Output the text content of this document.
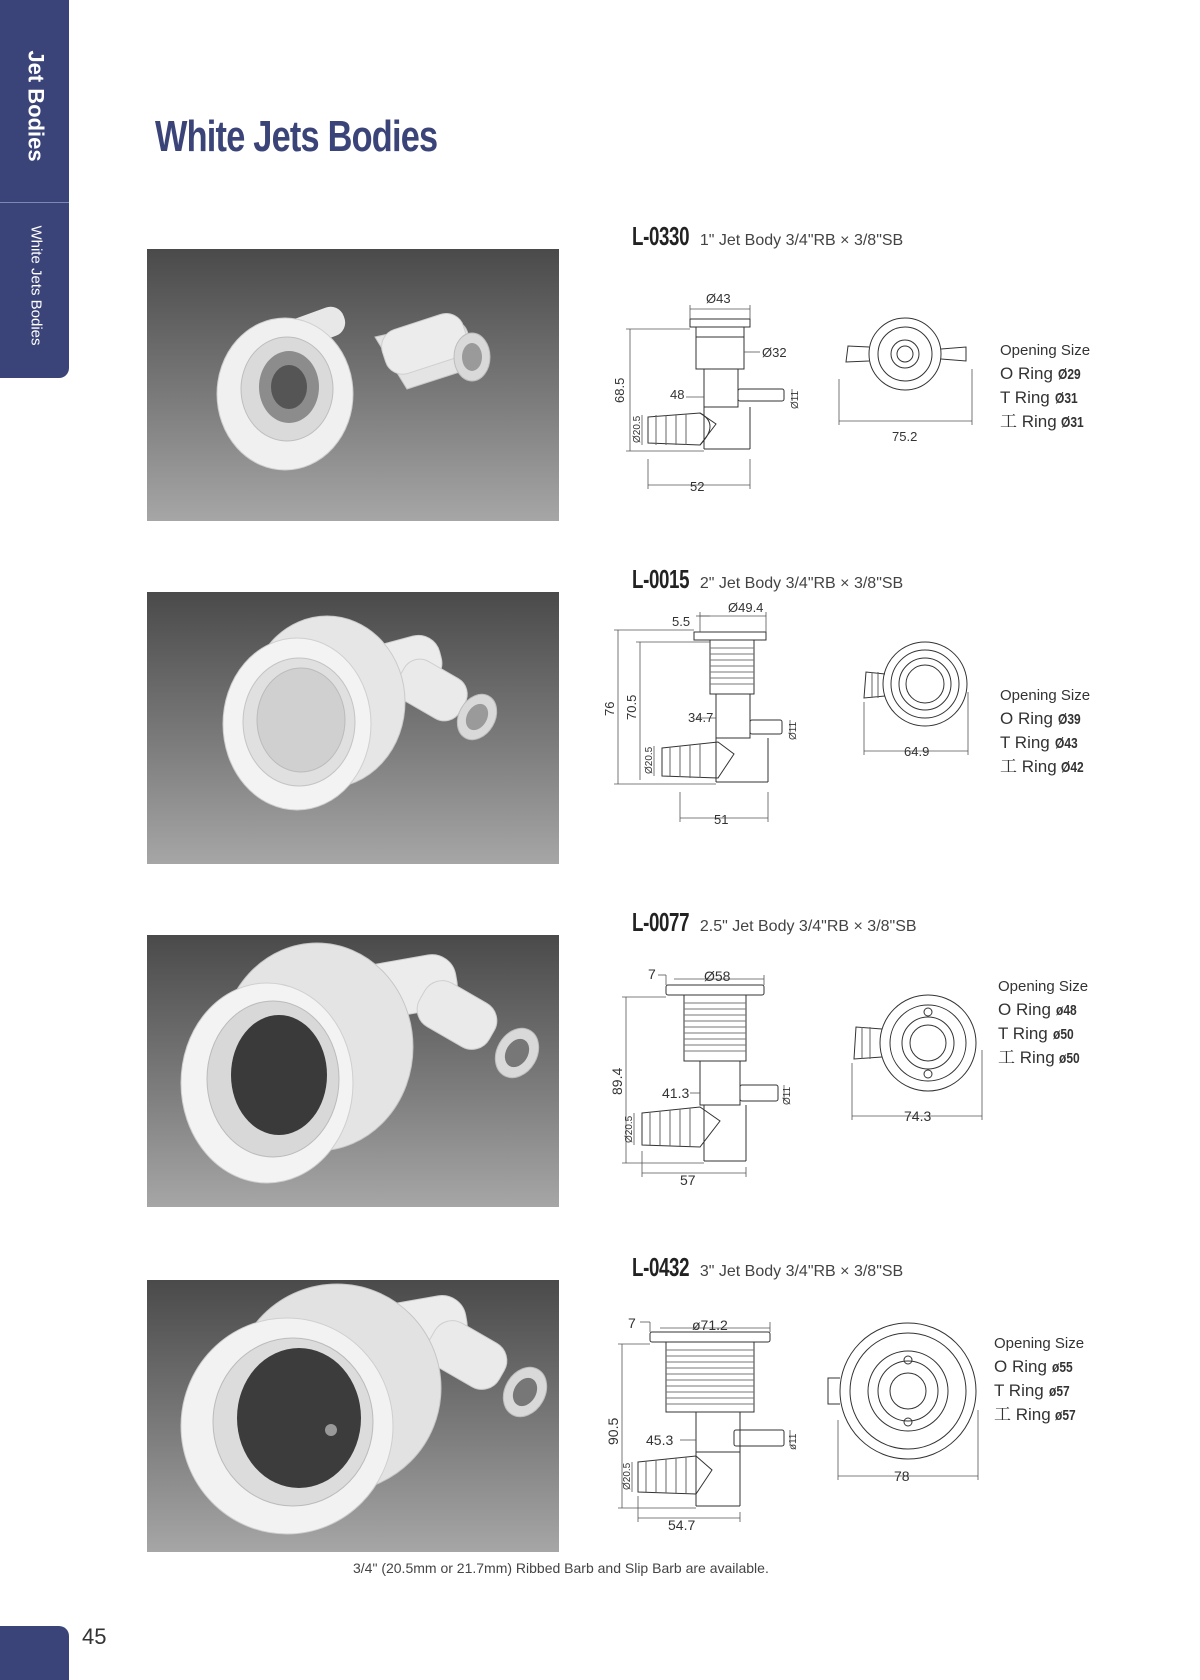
Jet Bodies
White Jets Bodies
White Jets Bodies
L-0330 1" Jet Body 3/4"RB × 3/8"SB
Ø43
Ø32
48
68.5	Ø11
Ø20.5
52
75.2
Opening Size
O Ring Ø29
T Ring Ø31
工 Ring Ø31
L-0015 2" Jet Body 3/4"RB × 3/8"SB
5.5
Ø49.4
76 70.5	34.7
Ø11
Ø20.5
51
64.9
Opening Size
O Ring Ø39
T Ring Ø43
工 Ring Ø42
L-0077 2.5" Jet Body 3/4"RB × 3/8"SB
7	Ø58
89.4	41.3	Ø11
Ø20.5
57
74.3
Opening Size
O Ring ø48
T Ring ø50
工 Ring ø50
L-0432 3" Jet Body 3/4"RB × 3/8"SB
7	ø71.2
90.5 45.3	ø11
Ø20.5
54.7
78
Opening Size
O Ring ø55
T Ring ø57
工 Ring ø57
3/4" (20.5mm or 21.7mm) Ribbed Barb and Slip Barb are available.
45
